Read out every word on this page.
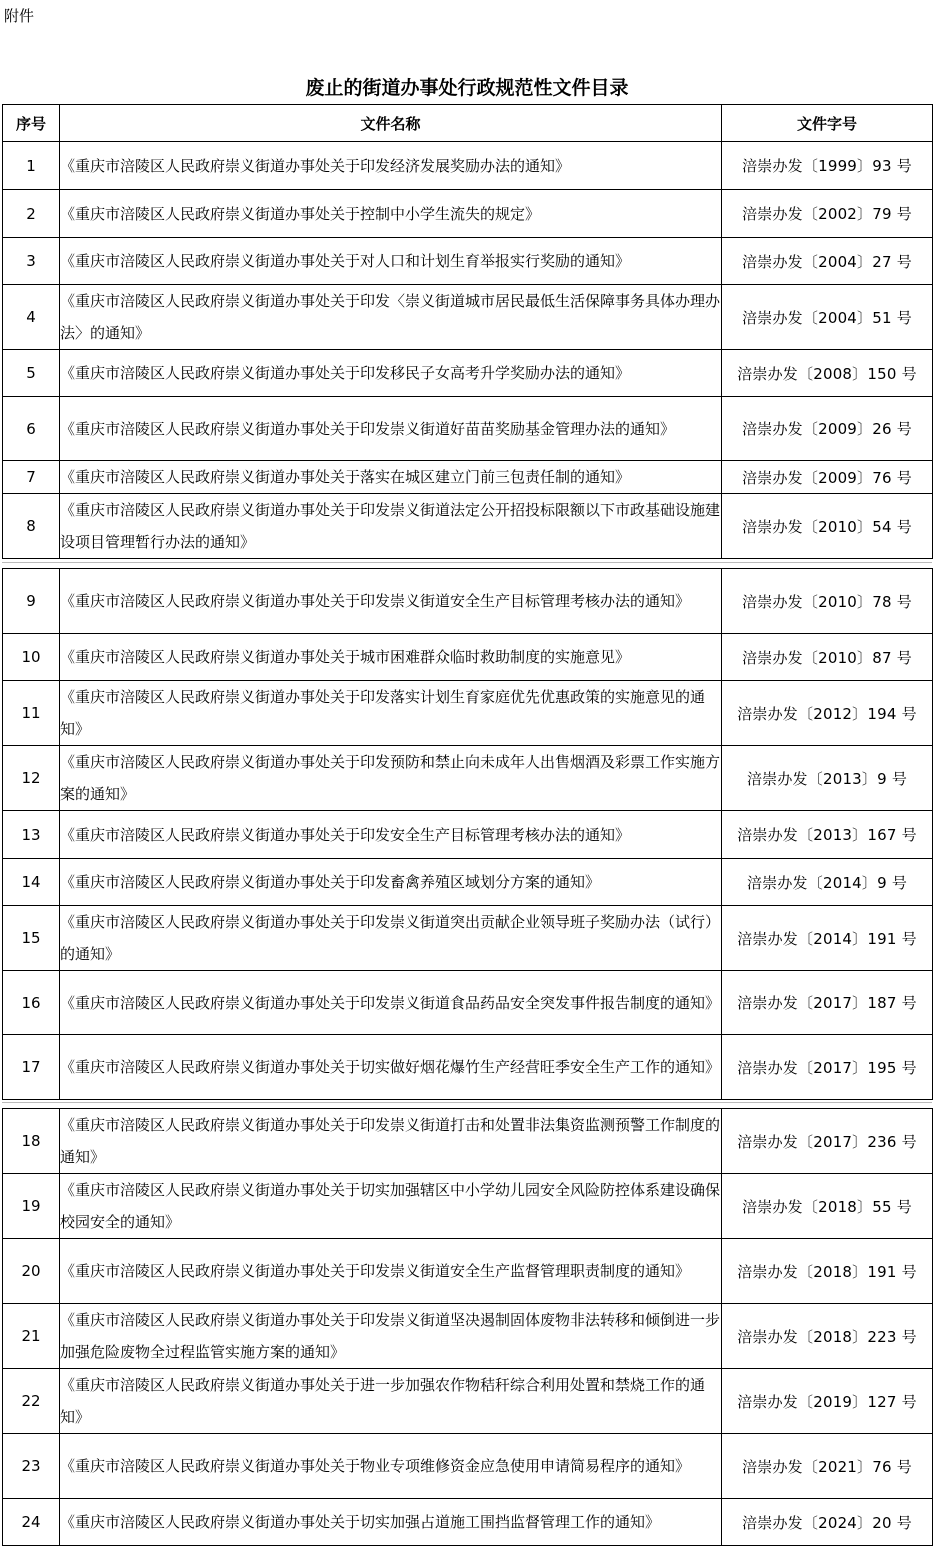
附件
废止的街道办事处行政规范性文件目录
序号	文件名称	文件字号
1	《重庆市涪陵区人民政府崇义街道办事处关于印发经济发展奖励办法的通知》	涪崇办发〔1999〕93 号
2	《重庆市涪陵区人民政府崇义街道办事处关于控制中小学生流失的规定》	涪崇办发〔2002〕79 号
3	《重庆市涪陵区人民政府崇义街道办事处关于对人口和计划生育举报实行奖励的通知》	涪崇办发〔2004〕27 号
4	《重庆市涪陵区人民政府崇义街道办事处关于印发〈崇义街道城市居民最低生活保障事务具体办理办法〉的通知》	涪崇办发〔2004〕51 号
5	《重庆市涪陵区人民政府崇义街道办事处关于印发移民子女高考升学奖励办法的通知》	涪崇办发〔2008〕150 号
6	《重庆市涪陵区人民政府崇义街道办事处关于印发崇义街道好苗苗奖励基金管理办法的通知》	涪崇办发〔2009〕26 号
7	《重庆市涪陵区人民政府崇义街道办事处关于落实在城区建立门前三包责任制的通知》	涪崇办发〔2009〕76 号
8	《重庆市涪陵区人民政府崇义街道办事处关于印发崇义街道法定公开招投标限额以下市政基础设施建设项目管理暂行办法的通知》	涪崇办发〔2010〕54 号
9	《重庆市涪陵区人民政府崇义街道办事处关于印发崇义街道安全生产目标管理考核办法的通知》	涪崇办发〔2010〕78 号
10	《重庆市涪陵区人民政府崇义街道办事处关于城市困难群众临时救助制度的实施意见》	涪崇办发〔2010〕87 号
11	《重庆市涪陵区人民政府崇义街道办事处关于印发落实计划生育家庭优先优惠政策的实施意见的通知》	涪崇办发〔2012〕194 号
12	《重庆市涪陵区人民政府崇义街道办事处关于印发预防和禁止向未成年人出售烟酒及彩票工作实施方案的通知》	涪崇办发〔2013〕9 号
13	《重庆市涪陵区人民政府崇义街道办事处关于印发安全生产目标管理考核办法的通知》	涪崇办发〔2013〕167 号
14	《重庆市涪陵区人民政府崇义街道办事处关于印发畜禽养殖区域划分方案的通知》	涪崇办发〔2014〕9 号
15	《重庆市涪陵区人民政府崇义街道办事处关于印发崇义街道突出贡献企业领导班子奖励办法（试行）的通知》	涪崇办发〔2014〕191 号
16	《重庆市涪陵区人民政府崇义街道办事处关于印发崇义街道食品药品安全突发事件报告制度的通知》	涪崇办发〔2017〕187 号
17	《重庆市涪陵区人民政府崇义街道办事处关于切实做好烟花爆竹生产经营旺季安全生产工作的通知》	涪崇办发〔2017〕195 号
18	《重庆市涪陵区人民政府崇义街道办事处关于印发崇义街道打击和处置非法集资监测预警工作制度的通知》	涪崇办发〔2017〕236 号
19	《重庆市涪陵区人民政府崇义街道办事处关于切实加强辖区中小学幼儿园安全风险防控体系建设确保校园安全的通知》	涪崇办发〔2018〕55 号
20	《重庆市涪陵区人民政府崇义街道办事处关于印发崇义街道安全生产监督管理职责制度的通知》	涪崇办发〔2018〕191 号
21	《重庆市涪陵区人民政府崇义街道办事处关于印发崇义街道坚决遏制固体废物非法转移和倾倒进一步加强危险废物全过程监管实施方案的通知》	涪崇办发〔2018〕223 号
22	《重庆市涪陵区人民政府崇义街道办事处关于进一步加强农作物秸秆综合利用处置和禁烧工作的通知》	涪崇办发〔2019〕127 号
23	《重庆市涪陵区人民政府崇义街道办事处关于物业专项维修资金应急使用申请简易程序的通知》	涪崇办发〔2021〕76 号
24	《重庆市涪陵区人民政府崇义街道办事处关于切实加强占道施工围挡监督管理工作的通知》	涪崇办发〔2024〕20 号
